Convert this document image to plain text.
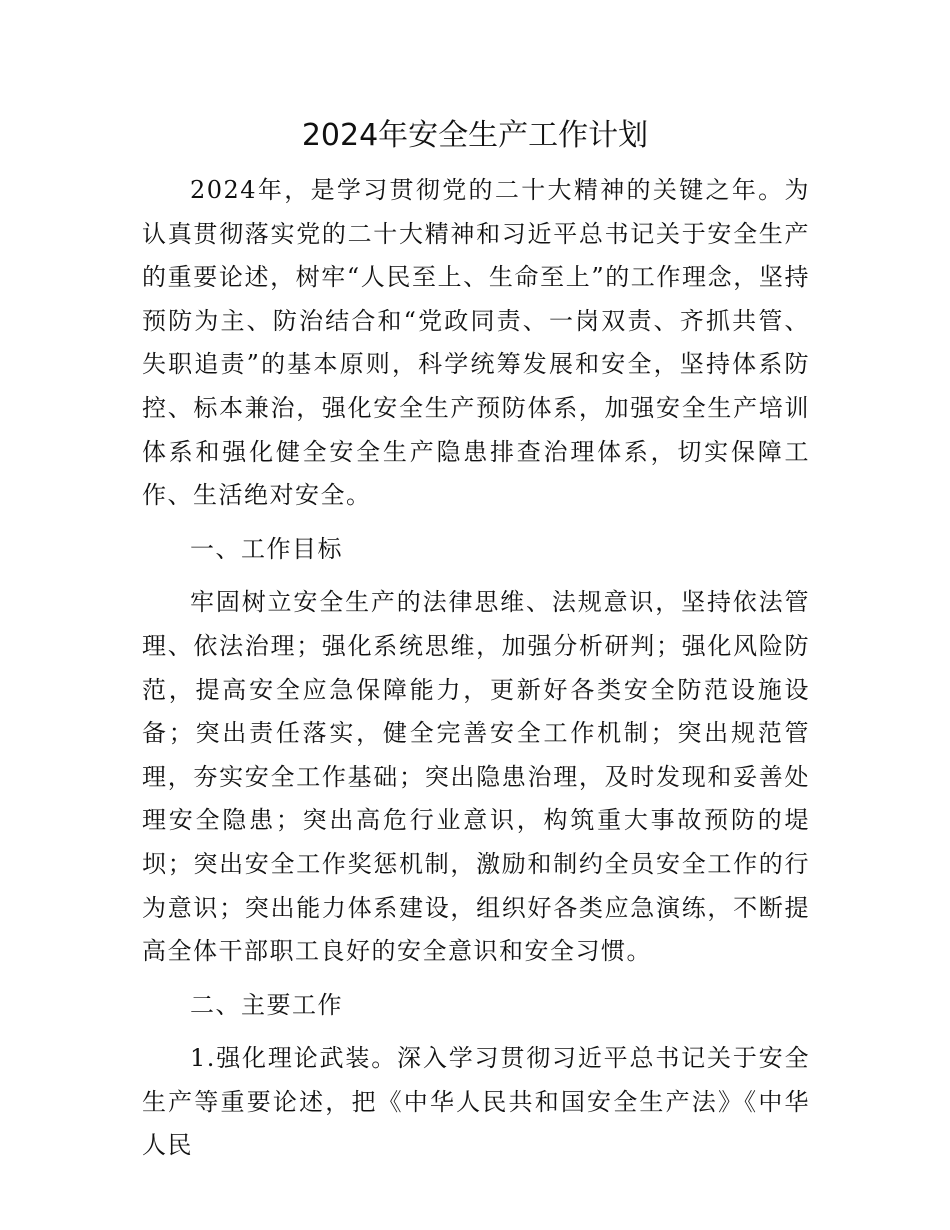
2024年安全生产工作计划

2024年，是学习贯彻党的二十大精神的关键之年。为认真贯彻落实党的二十大精神和习近平总书记关于安全生产的重要论述，树牢“人民至上、生命至上”的工作理念，坚持预防为主、防治结合和“党政同责、一岗双责、齐抓共管、失职追责”的基本原则，科学统筹发展和安全，坚持体系防控、标本兼治，强化安全生产预防体系，加强安全生产培训体系和强化健全安全生产隐患排查治理体系，切实保障工作、生活绝对安全。

一、工作目标

牢固树立安全生产的法律思维、法规意识，坚持依法管理、依法治理；强化系统思维，加强分析研判；强化风险防范，提高安全应急保障能力，更新好各类安全防范设施设备；突出责任落实，健全完善安全工作机制；突出规范管理，夯实安全工作基础；突出隐患治理，及时发现和妥善处理安全隐患；突出高危行业意识，构筑重大事故预防的堤坝；突出安全工作奖惩机制，激励和制约全员安全工作的行为意识；突出能力体系建设，组织好各类应急演练，不断提高全体干部职工良好的安全意识和安全习惯。

二、主要工作

1.强化理论武装。深入学习贯彻习近平总书记关于安全生产等重要论述，把《中华人民共和国安全生产法》《中华人民
